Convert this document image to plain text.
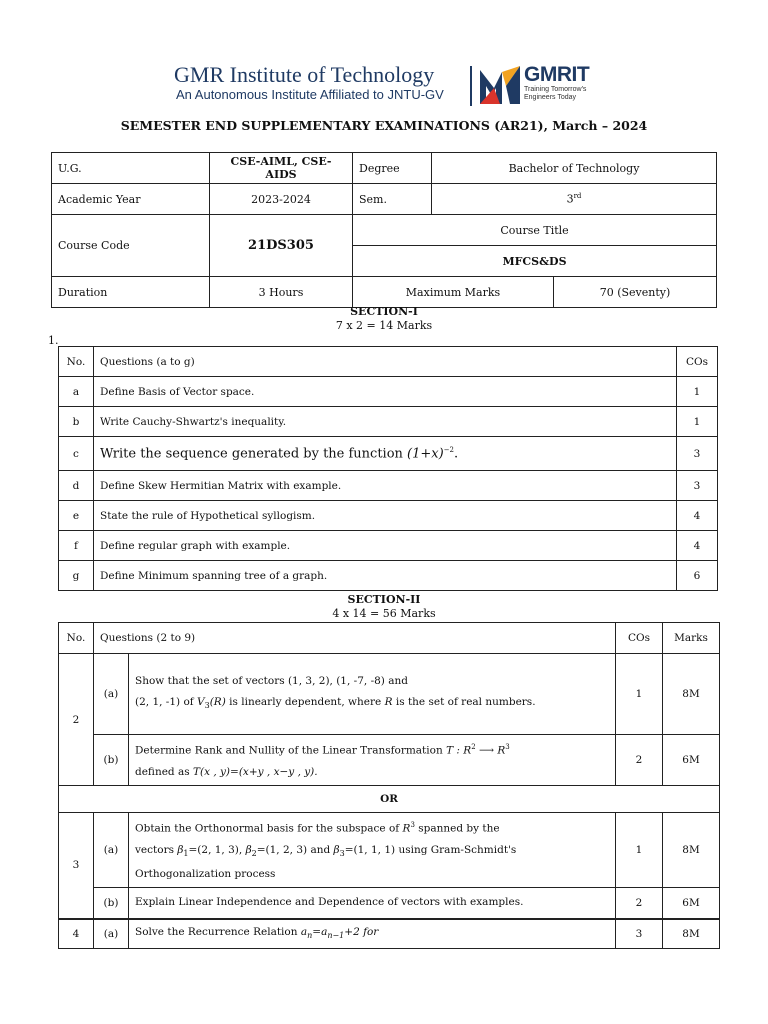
GMR Institute of Technology
An Autonomous Institute Affiliated to JNTU-GV
GMRIT
Training Tomorrow's Engineers Today
SEMESTER END SUPPLEMENTARY EXAMINATIONS (AR21), March – 2024
U.G.	CSE-AIML, CSE-AIDS	Degree	Bachelor of Technology	
Academic Year	2023-2024	Sem.	3rd
Course Code	21DS305	Course Title		
		MFCS&DS		
Duration	3 Hours	Maximum Marks		70 (Seventy)
SECTION-I
7 x 2 = 14 Marks
1.
No.	Questions (a to g)	COs
a	Define Basis of Vector space.	1
b	Write Cauchy-Shwartz's inequality.	1
c	Write the sequence generated by the function $(1+x)^{-2}$.	3
d	Define Skew Hermitian Matrix with example.	3
e	State the rule of Hypothetical syllogism.	4
f	Define regular graph with example.	4
g	Define Minimum spanning tree of a graph.	6
SECTION-II
4 x 14 = 56 Marks
No.	Questions (2 to 9)		COs	Marks
2	(a)	Show that the set of vectors (1, 3, 2), (1, -7, -8) and
(2, 1, -1) of $V_3(R)$ is linearly dependent, where R is the set of real numbers.	1	8M
	(b)	Determine Rank and Nullity of the Linear Transformation T : $R^2$ ⟶ $R^3$
defined as T(x , y)=(x+y , x−y , y).	2	6M
OR				
3	(a)	Obtain the Orthonormal basis for the subspace of $R^3$ spanned by the
vectors $\beta_1=(2$, 1, 3), $\beta_2=(1$, 2, 3) and $\beta_3=(1$, 1, 1) using Gram-Schmidt's
Orthogonalization process	1	8M
	(b)	Explain Linear Independence and Dependence of vectors with examples.	2	6M
4	(a)	Solve the Recurrence Relation $a_n=a_{n-1}+2$ for	3	8M
